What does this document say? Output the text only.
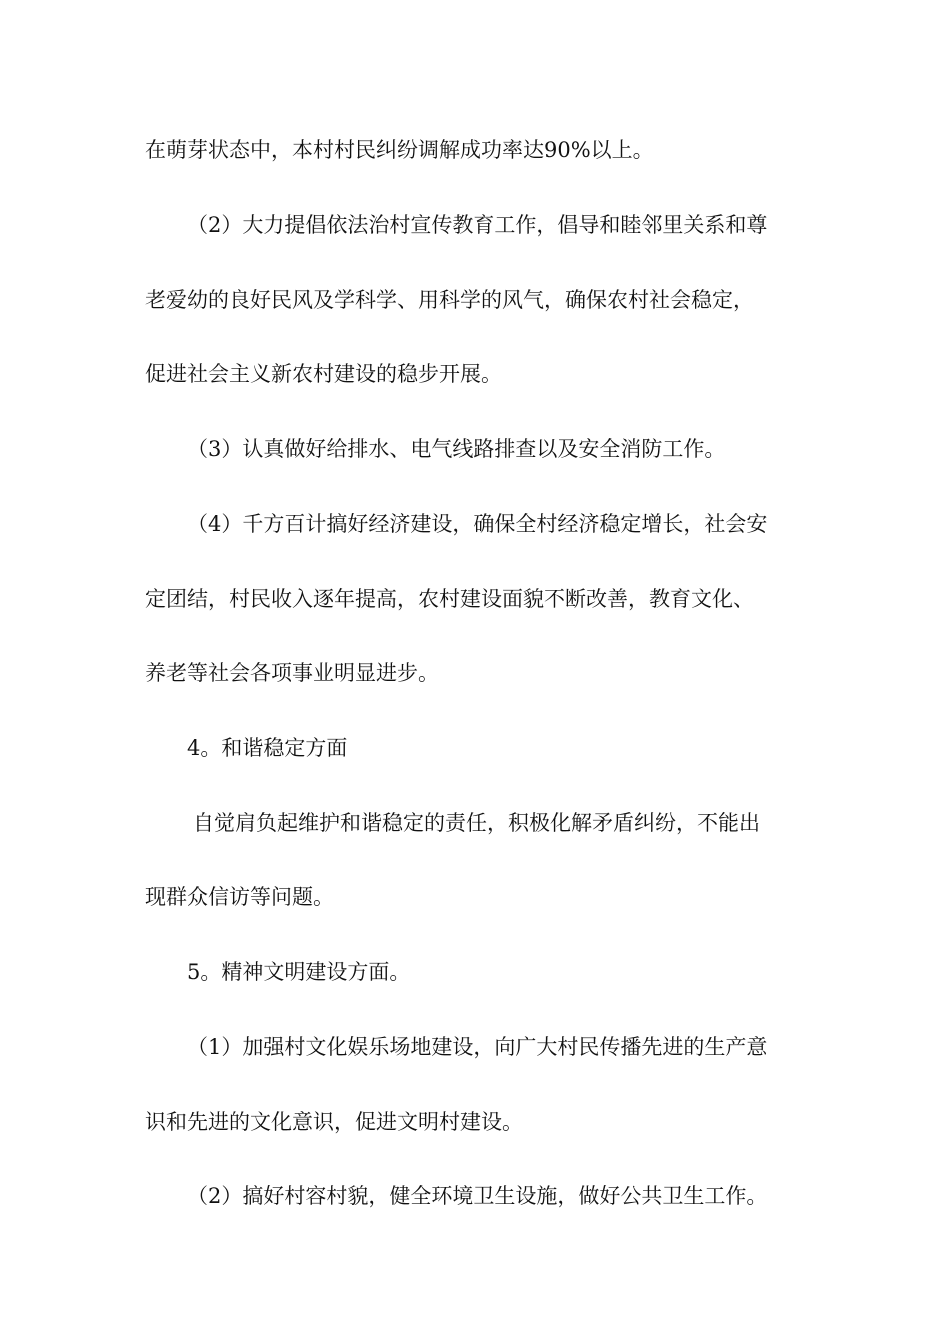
在萌芽状态中，本村村民纠纷调解成功率达90%以上。
（2）大力提倡依法治村宣传教育工作，倡导和睦邻里关系和尊
老爱幼的良好民风及学科学、用科学的风气，确保农村社会稳定，
促进社会主义新农村建设的稳步开展。
（3）认真做好给排水、电气线路排查以及安全消防工作。
（4）千方百计搞好经济建设，确保全村经济稳定增长，社会安
定团结，村民收入逐年提高，农村建设面貌不断改善，教育文化、
养老等社会各项事业明显进步。
4。和谐稳定方面
自觉肩负起维护和谐稳定的责任，积极化解矛盾纠纷，不能出
现群众信访等问题。
5。精神文明建设方面。
（1）加强村文化娱乐场地建设，向广大村民传播先进的生产意
识和先进的文化意识，促进文明村建设。
（2）搞好村容村貌，健全环境卫生设施，做好公共卫生工作。
